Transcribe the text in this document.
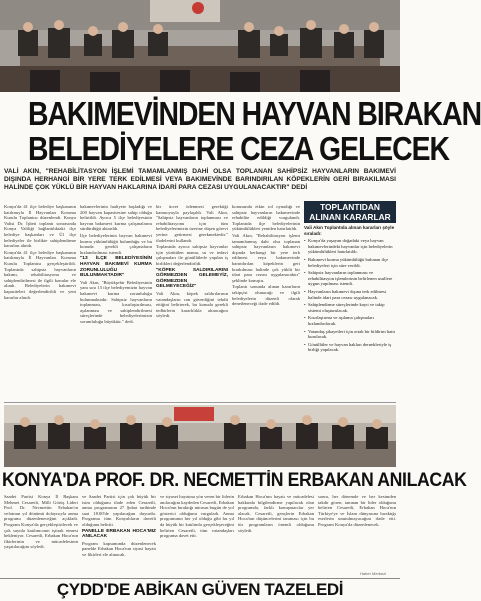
BAKIMEVİNDEN HAYVAN BIRAKAN
BELEDİYELERE CEZA GELECEK
VALİ AKIN, "REHABİLİTASYON İŞLEMİ TAMAMLANMIŞ DAHİ OLSA TOPLANAN SAHİPSİZ HAYVANLARIN BAKIMEVİ DIŞINDA HERHANGİ BİR YERE TERK EDİLMESİ VEYA BAKIMEVİNDE BARINDIRILAN KÖPEKLERİN GERİ BIRAKILMASI HALİNDE ÇOK YÜKLÜ BİR HAYVAN HAKLARINA İDARİ PARA CEZASI UYGULANACAKTIR" DEDİ

Konya'da 41 ilçe belediye başkanının katılımıyla İl Hayvanları Koruma Kurulu Toplantısı düzenlendi. Konya Valisi Dr. İşbeti toplantı sonrasında Konya Valiliği bağlantılıktaki ilçe belediye başkanları ve Ül ilçe belediyeler ile birlikte sahiplendirme kararları alındı.

Konya'da 41 ilçe belediye başkanının katılımıyla İl Hayvanları Koruma Kurulu Toplantısı gerçekleştirildi. Toplantıda sahipsiz hayvanların bakımı, rehabilitasyonu ve sahiplendirilmesi ile ilgili konular ele alındı. Belediyelerin bakımevi kapasiteleri değerlendirildi ve yeni kararlar alındı.

bakımevlerinin faaliyete başladığı ve 200 hayvan kapasitesine sahip olduğu belirtildi. Ayrıca 5 ilçe belediyesinin hayvan bakımevi kurma çalışmalarını sürdürdüğü aktarıldı.

İlçe belediyelerinin hayvan bakımevi kurma yükümlülüğü bulunduğu ve bu konuda gerekli çalışmaların hızlandırılması istendi.

"13 İLÇE BELEDİYESİNİN HAYVAN BAKIMEVİ KURMA ZORUNLULUĞU BULUNMAKTADIR"

Vali Akın, "Büyükşehir Belediyesinin yanı sıra 13 ilçe belediyemizin hayvan bakımevi kurma zorunluluğu bulunmaktadır. Sahipsiz hayvanların toplanması, kısırlaştırılması, aşılanması ve sahiplendirilmesi süreçlerinde belediyelerimizin sorumluluğu büyüktür." dedi.

bir ücret ödenmesi gerektiği kamuoyuyla paylaşıldı. Vali Akın, "Sahipsiz hayvanların toplanması ve rehabilitasyonu için tüm belediyelerimizin üzerine düşen görevi yerine getirmesi gerekmektedir." ifadelerini kullandı.

Toplantıda ayrıca sahipsiz hayvanlar için yürütülen mama, su ve tedavi çalışmaları ile gönüllülerle yapılan iş birlikleri değerlendirildi.

"KÖPEK SALDIRILARINI GÖRMEZDEN GELEMEYİZ, GÖRMEZDEN GELMEYECEĞİZ"

Vali Akın, köpek saldırılarının vatandaşların can güvenliğini tehdit ettiğini belirterek, bu konuda gerekli tedbirlerin kararlılıkla alınacağını söyledi.

konusunda etkin rol oynadığı ve sahipsiz hayvanların bakımevinde rehabilite edildiği vurgulandı. Toplantıda ilçe belediyelerinin yükümlülükleri yeniden hatırlatıldı.

Vali Akın, "Rehabilitasyon işlemi tamamlanmış dahi olsa toplanan sahipsiz hayvanların bakımevi dışında herhangi bir yere terk edilmesi veya bakımevinde barındırılan köpeklerin geri bırakılması halinde çok yüklü bir idari para cezası uygulanacaktır" şeklinde konuştu.

Toplantı sonunda alınan kararların takipçisi olunacağı ve ilgili belediyelerin düzenli olarak denetleneceği ifade edildi.

TOPLANTIDAN
ALINAN KARARLAR
Vali Akın Toplantıda alınan kararları şöyle sıraladı:
• Konya'da yaşayan doğadaki veya hayvan bakımevlerindeki hayvanlar için belediyelerin yükümlülükleri hatırlatıldı.
• Bakımevi kurma yükümlülüğü bulunan ilçe belediyeleri için süre verildi.
• Sahipsiz hayvanların toplanması ve rehabilitasyon işlemlerinin belirlenen usullere uygun yapılması istendi.
• Hayvanların bakımevi dışına terk edilmesi halinde idari para cezası uygulanacak.
• Sahiplendirme süreçlerinde kayıt ve takip sistemi oluşturulacak.
• Kısırlaştırma ve aşılama çalışmaları hızlandırılacak.
• Vatandaş şikayetleri için ortak bir bildirim hattı kurulacak.
• Gönüllüler ve hayvan hakları dernekleriyle iş birliği yapılacak.
KONYA'DA PROF. DR. NECMETTİN ERBAKAN ANILACAK

Saadet Partisi Konya İl Başkanı Mehmet Cesaretli, Milli Görüş Lideri Prof. Dr. Necmettin Erbakan'ın vefatının yıl dönümü dolayısıyla anma programı düzenleneceğini açıkladı. Program Konya'da gerçekleştirilecek ve çok sayıda katılımcının iştirak etmesi bekleniyor. Cesaretli, Erbakan Hoca'nın fikirlerinin ve mücadelesinin yaşatılacağını söyledi.

ve Saadet Partisi için çok büyük bir isim olduğunu ifade eden Cesaretli, anma programının 27 Şubat tarihinde saat 18.00'de yapılacağını duyurdu. Programa tüm Konyalıların davetli olduğunu belirtti.

PANELLE ERBAKAN HOCA'MIZ ANILACAK

Program kapsamında düzenlenecek panelde Erbakan Hoca'nın siyasi hayatı ve fikirleri ele alınacak.

ve siyaset hayatına yön veren bir liderin anılacağını kaydeden Cesaretli, Erbakan Hoca'nın bıraktığı mirasın bugün de yol gösterici olduğunu vurguladı. Anma programının her yıl olduğu gibi bu yıl da büyük bir katılımla gerçekleşeceğini belirten Cesaretli, tüm vatandaşları programa davet etti.

Erbakan Hoca'nın hayatı ve mücadelesi hakkında bilgilendirme yapılacak olan programda, farklı konuşmacılar yer alacak. Cesaretli, gençlerin Erbakan Hoca'nın düşüncelerini tanıması için bu tür programların önemli olduğunu söyledi.

sonra, her dönemde ve her kesimden takdir gören, tanınan bir lider olduğunu belirten Cesaretli, Erbakan Hoca'nın Türkiye'ye ve İslam dünyasına bıraktığı eserlerin unutulmayacağını ifade etti. Program Konya'da düzenlenecek.

Haber Merkezi
ÇYDD'DE ABİKAN GÜVEN TAZELEDİ
